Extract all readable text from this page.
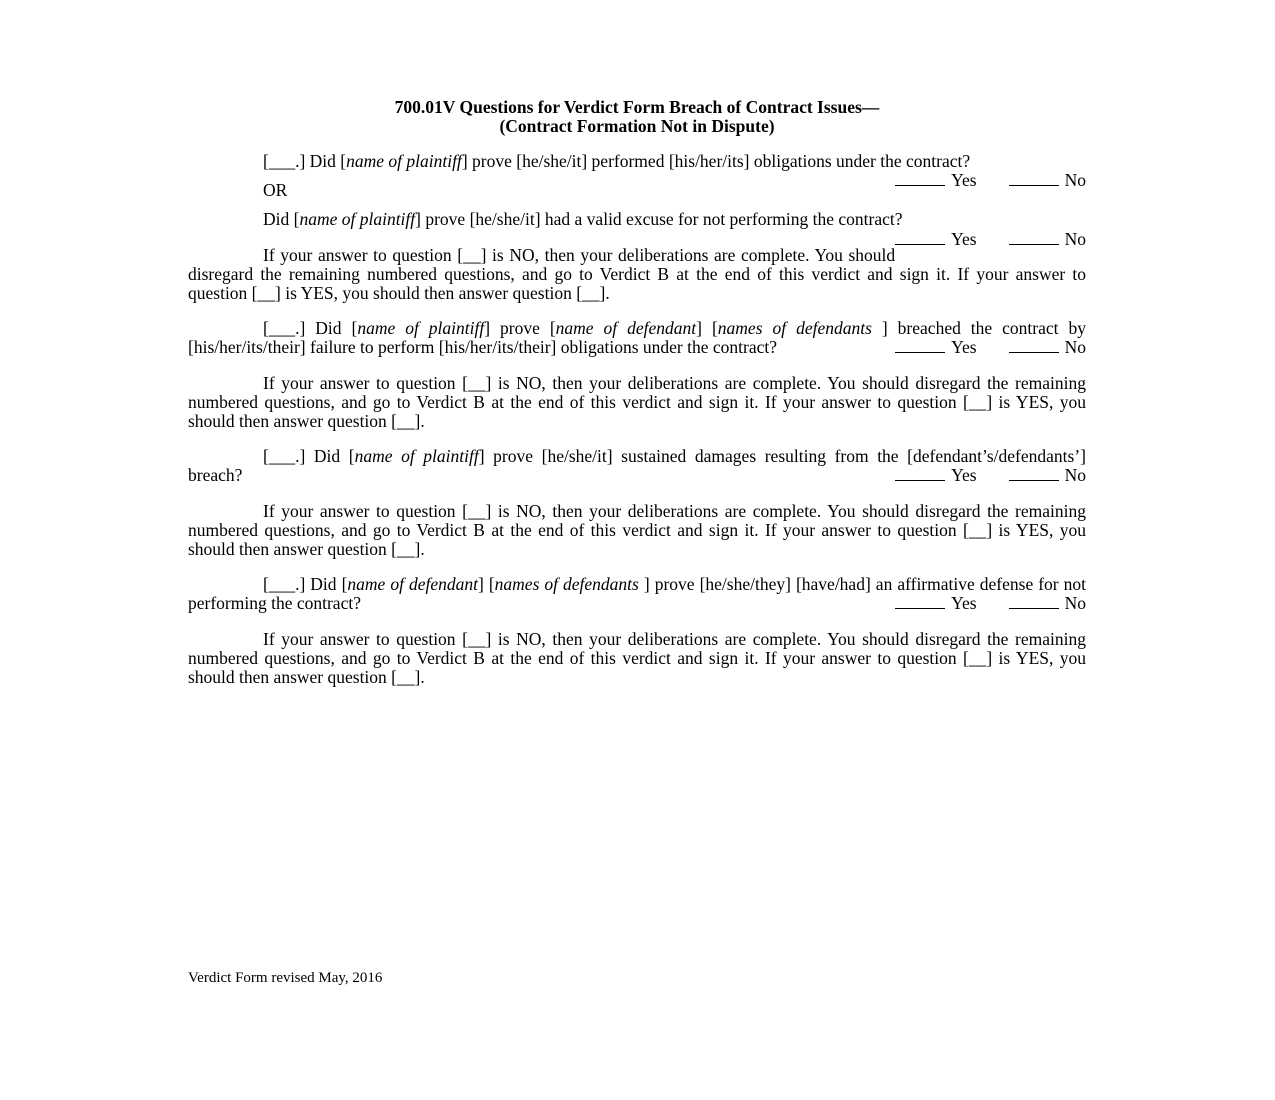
700.01V Questions for Verdict Form Breach of Contract Issues—
(Contract Formation Not in Dispute)

[___.] Did [name of plaintiff] prove [he/she/it] performed [his/her/its] obligations under the contract?
Yes	No

OR

Did [name of plaintiff] prove [he/she/it] had a valid excuse for not performing the contract?
Yes	No

If your answer to question [__] is NO, then your deliberations are complete. You should disregard the remaining numbered questions, and go to Verdict B at the end of this verdict and sign it. If your answer to question [__] is YES, you should then answer question [__].

[___.] Did [name of plaintiff] prove [name of defendant] [names of defendants ] breached the contract by [his/her/its/their] failure to perform [his/her/its/their] obligations under the contract?	Yes	No

If your answer to question [__] is NO, then your deliberations are complete. You should disregard the remaining numbered questions, and go to Verdict B at the end of this verdict and sign it. If your answer to question [__] is YES, you should then answer question [__].

[___.] Did [name of plaintiff] prove [he/she/it] sustained damages resulting from the [defendant’s/defendants’] breach?	Yes	No

If your answer to question [__] is NO, then your deliberations are complete. You should disregard the remaining numbered questions, and go to Verdict B at the end of this verdict and sign it. If your answer to question [__] is YES, you should then answer question [__].

[___.] Did [name of defendant] [names of defendants ] prove [he/she/they] [have/had] an affirmative defense for not performing the contract?	Yes	No

If your answer to question [__] is NO, then your deliberations are complete. You should disregard the remaining numbered questions, and go to Verdict B at the end of this verdict and sign it. If your answer to question [__] is YES, you should then answer question [__].

Verdict Form revised May, 2016
